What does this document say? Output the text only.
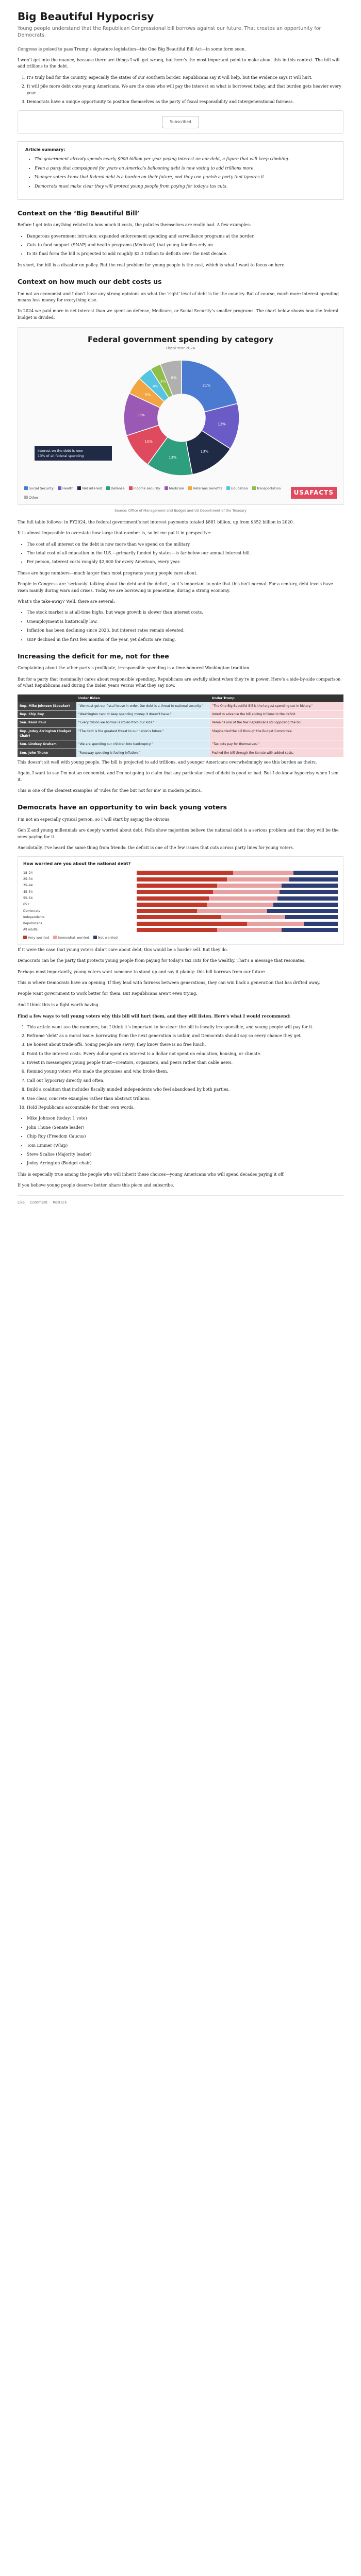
Big Beautiful Hypocrisy
Young people understand that the Republican Congressional bill borrows against our future. That creates an opportunity for Democrats.

Congress is poised to pass Trump’s signature legislation—the One Big Beautiful Bill Act—in some form soon.

I won’t get into the nuance, because there are things I will get wrong, but here’s the most important point to make about this in this context. The bill will add trillions to the debt.

1. It’s truly bad for the country, especially the states of our southern border. Republicans say it will help, but the evidence says it will hurt.
2. It will pile more debt onto young Americans. We are the ones who will pay the interest on what is borrowed today, and that burden gets heavier every year.
3. Democrats have a unique opportunity to position themselves as the party of fiscal responsibility and intergenerational fairness.
Subscribed
Article summary:
• The government already spends nearly $900 billion per year paying interest on our debt, a figure that will keep climbing.
• Even a party that campaigned for years on America’s ballooning debt is now voting to add trillions more.
• Younger voters know that federal debt is a burden on their future, and they can punish a party that ignores it.
• Democrats must make clear they will protect young people from paying for today’s tax cuts.
Context on the ‘Big Beautiful Bill’

Before I get into anything related to how much it costs, the policies themselves are really bad. A few examples:

• Dangerous government intrusion: expanded enforcement spending and surveillance programs at the border.
• Cuts to food support (SNAP) and health programs (Medicaid) that young families rely on.
• In its final form the bill is projected to add roughly $3.3 trillion to deficits over the next decade.

In short, the bill is a disaster on policy. But the real problem for young people is the cost, which is what I want to focus on here.

Context on how much our debt costs us

I’m not an economist and I don’t have any strong opinions on what the ‘right’ level of debt is for the country. But of course, much more interest spending means less money for everything else.

In 2024 we paid more in net interest than we spent on defense, Medicare, or Social Security’s smaller programs. The chart below shows how the federal budget is divided.

Federal government spending by category
Fiscal Year 2024
21%
13%
13%
13%
10%
12%
5%
4%
3%
6%
Interest on the debt is now
13% of all federal spending
Social Security	Health	Net interest	Defense	Income security	Medicare	Veterans benefits	Education	Transportation
Other
USAFACTS
Source: Office of Management and Budget and US Department of the Treasury

The full table follows: in FY2024, the federal government’s net interest payments totaled $881 billion, up from $352 billion in 2020.

It is almost impossible to overstate how large that number is, so let me put it in perspective:

• The cost of all interest on the debt is now more than we spend on the military.
• The total cost of all education in the U.S.—primarily funded by states—is far below our annual interest bill.
• Per person, interest costs roughly $2,600 for every American, every year.

These are huge numbers—much larger than most programs young people care about.

People in Congress are ‘seriously’ talking about the debt and the deficit, so it’s important to note that this isn’t normal. For a century, debt levels have risen mainly during wars and crises. Today we are borrowing in peacetime, during a strong economy.

What’s the take-away? Well, there are several:

• The stock market is at all-time highs, but wage growth is slower than interest costs.
• Unemployment is historically low.
• Inflation has been declining since 2023, but interest rates remain elevated.
• GDP declined in the first few months of the year, yet deficits are rising.
Increasing the deficit for me, not for thee

Complaining about the other party’s profligate, irresponsible spending is a time-honored Washington tradition.

But for a party that (nominally) cares about responsible spending, Republicans are awfully silent when they’re in power. Here’s a side-by-side comparison of what Republicans said during the Biden years versus what they say now.

	Under Biden	Under Trump
Rep. Mike Johnson (Speaker)	“We must get our fiscal house in order. Our debt is a threat to national security.”	“The One Big Beautiful Bill is the largest spending cut in history.”
Rep. Chip Roy	“Washington cannot keep spending money it doesn’t have.”	Voted to advance the bill adding trillions to the deficit.
Sen. Rand Paul	“Every trillion we borrow is stolen from our kids.”	Remains one of the few Republicans still opposing the bill.
Rep. Jodey Arrington (Budget Chair)	“The debt is the greatest threat to our nation’s future.”	Shepherded the bill through the Budget Committee.
Sen. Lindsey Graham	“We are spending our children into bankruptcy.”	“Tax cuts pay for themselves.”
Sen. John Thune	“Runaway spending is fueling inflation.”	Pushed the bill through the Senate with added costs.

This doesn’t sit well with young people. The bill is projected to add trillions, and younger Americans overwhelmingly see this burden as theirs.

Again, I want to say I’m not an economist, and I’m not going to claim that any particular level of debt is good or bad. But I do know hypocrisy when I see it.

This is one of the clearest examples of ‘rules for thee but not for me’ in modern politics.

Democrats have an opportunity to win back young voters

I’m not an especially cynical person, so I will start by saying the obvious.

Gen Z and young millennials are deeply worried about debt. Polls show majorities believe the national debt is a serious problem and that they will be the ones paying for it.

Anecdotally, I’ve heard the same thing from friends: the deficit is one of the few issues that cuts across party lines for young voters.

How worried are you about the national debt?
18–24
25–34
35–44
45–54
55–64
65+
Democrats
Independents
Republicans
All adults
Very worried	Somewhat worried	Not worried

If it were the case that young voters didn’t care about debt, this would be a harder sell. But they do.

Democrats can be the party that protects young people from paying for today’s tax cuts for the wealthy. That’s a message that resonates.

Perhaps most importantly, young voters want someone to stand up and say it plainly: this bill borrows from our future.

This is where Democrats have an opening. If they lead with fairness between generations, they can win back a generation that has drifted away.

People want government to work better for them. But Republicans aren’t even trying.

And I think this is a fight worth having.

Find a few ways to tell young voters why this bill will hurt them, and they will listen. Here’s what I would recommend:

1. This article wont use the numbers, but I think it’s important to be clear: the bill is fiscally irresponsible, and young people will pay for it.
2. Reframe ‘debt’ as a moral issue: borrowing from the next generation is unfair, and Democrats should say so every chance they get.
3. Be honest about trade-offs. Young people are savvy; they know there is no free lunch.
4. Point to the interest costs. Every dollar spent on interest is a dollar not spent on education, housing, or climate.
5. Invest in messengers young people trust—creators, organizers, and peers rather than cable news.
6. Remind young voters who made the promises and who broke them.
7. Call out hypocrisy directly and often.
8. Build a coalition that includes fiscally minded independents who feel abandoned by both parties.
9. Use clear, concrete examples rather than abstract trillions.
10. Hold Republicans accountable for their own words.
• Mike Johnson (today: 1 vote)
• John Thune (Senate leader)
• Chip Roy (Freedom Caucus)
• Tom Emmer (Whip)
• Steve Scalise (Majority leader)
• Jodey Arrington (Budget chair)

This is especially true among the people who will inherit these choices—young Americans who will spend decades paying it off.

If you believe young people deserve better, share this piece and subscribe.

Like Comment Restack
